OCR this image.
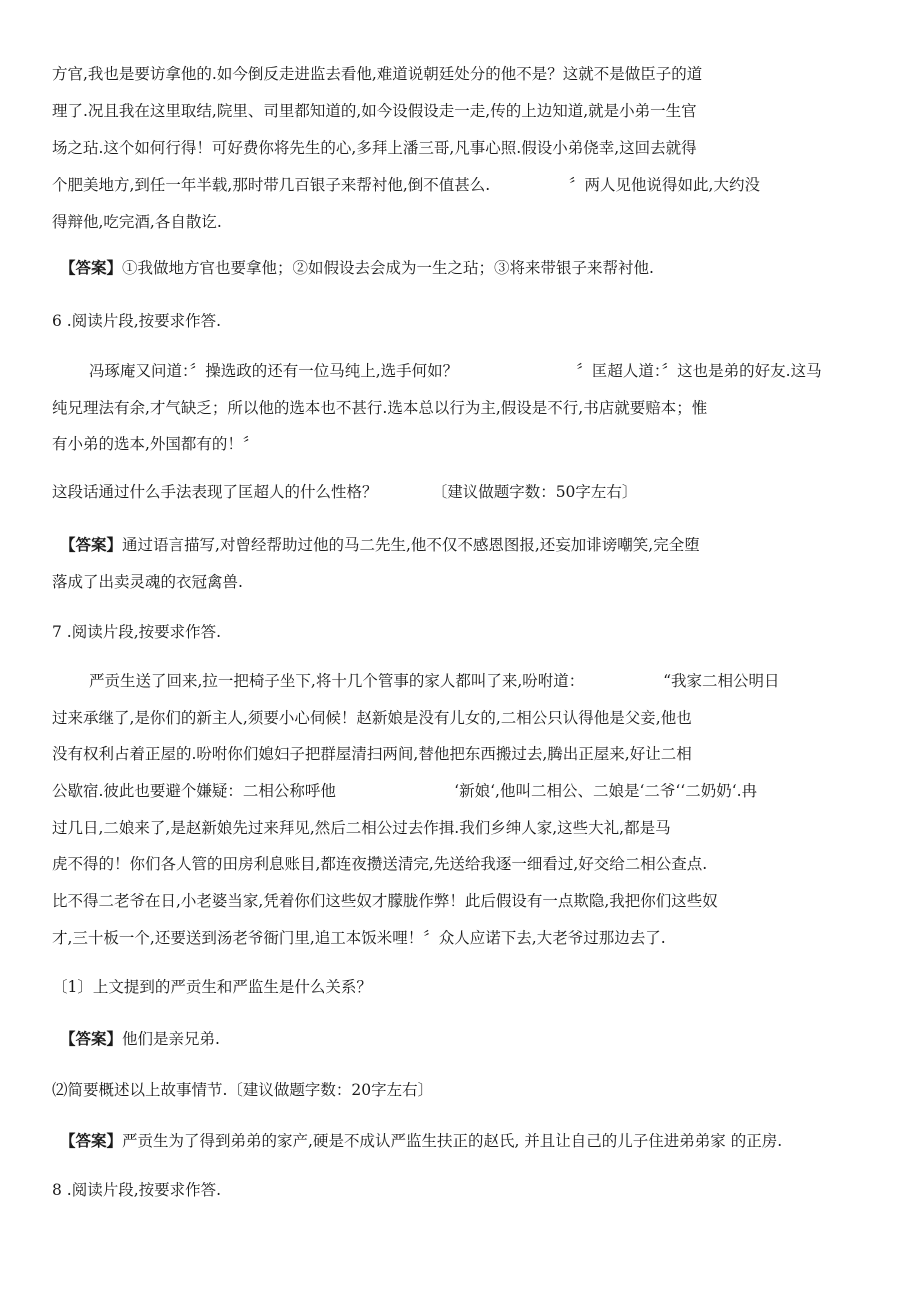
方官,我也是要访拿他的.如今倒反走进监去看他,难道说朝廷处分的他不是？这就不是做臣子的道

理了.况且我在这里取结,院里、司里都知道的,如今设假设走一走,传的上边知道,就是小弟一生官

场之玷.这个如何行得！可好费你将先生的心,多拜上潘三哥,凡事心照.假设小弟侥幸,这回去就得

个肥美地方,到任一年半载,那时带几百银子来帮衬他,倒不值甚么.                〞两人见他说得如此,大约没

得辩他,吃完酒,各自散讫.

【答案】①我做地方官也要拿他；②如假设去会成为一生之玷；③将来带银子来帮衬他.

6 .阅读片段,按要求作答.

冯琢庵又问道：〞操选政的还有一位马纯上,选手何如？                        〞匡超人道：〞这也是弟的好友.这马

纯兄理法有余,才气缺乏；所以他的选本也不甚行.选本总以行为主,假设是不行,书店就要赔本；惟

有小弟的选本,外国都有的！〞

这段话通过什么手法表现了匡超人的什么性格？           〔建议做题字数：50字左右〕

【答案】通过语言描写,对曾经帮助过他的马二先生,他不仅不感恩图报,还妄加诽谤嘲笑,完全堕

落成了出卖灵魂的衣冠禽兽.

7 .阅读片段,按要求作答.

严贡生送了回来,拉一把椅子坐下,将十几个管事的家人都叫了来,吩咐道：                “我家二相公明日

过来承继了,是你们的新主人,须要小心伺候！赵新娘是没有儿女的,二相公只认得他是父妾,他也

没有权利占着正屋的.吩咐你们媳妇子把群屋清扫两间,替他把东西搬过去,腾出正屋来,好让二相

公歇宿.彼此也要避个嫌疑：二相公称呼他                        ‘新娘‘,他叫二相公、二娘是‘二爷‘‘二奶奶‘.冉

过几日,二娘来了,是赵新娘先过来拜见,然后二相公过去作揖.我们乡绅人家,这些大礼,都是马

虎不得的！你们各人管的田房利息账目,都连夜攒送清完,先送给我逐一细看过,好交给二相公查点.

比不得二老爷在日,小老婆当家,凭着你们这些奴才朦胧作弊！此后假设有一点欺隐,我把你们这些奴

才,三十板一个,还要送到汤老爷衙门里,追工本饭米哩！〞众人应诺下去,大老爷过那边去了.

〔1〕上文提到的严贡生和严监生是什么关系？

【答案】他们是亲兄弟.

⑵简要概述以上故事情节.〔建议做题字数：20字左右〕

【答案】严贡生为了得到弟弟的家产,硬是不成认严监生扶正的赵氏, 并且让自己的儿子住进弟弟家 的正房.

8 .阅读片段,按要求作答.
